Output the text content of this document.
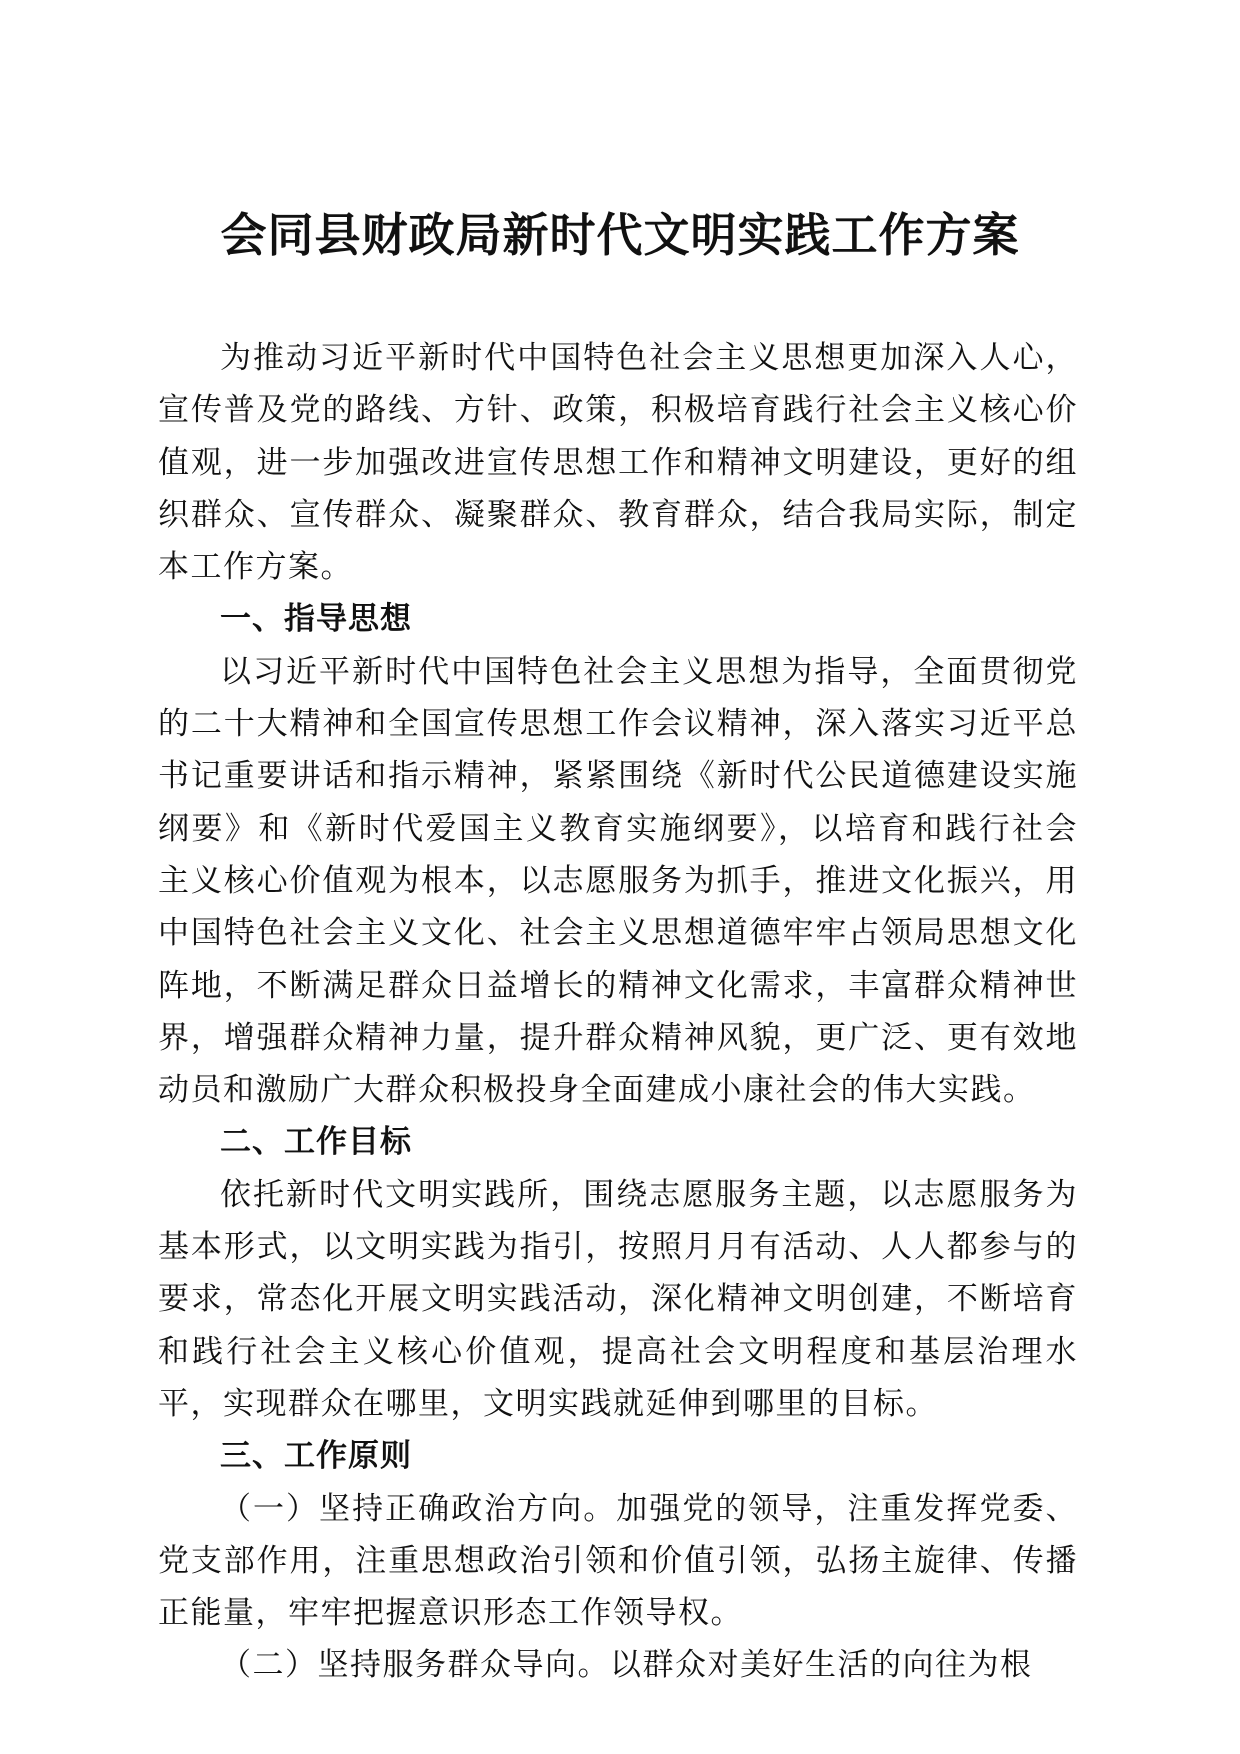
会同县财政局新时代文明实践工作方案

为推动习近平新时代中国特色社会主义思想更加深入人心，宣传普及党的路线、方针、政策，积极培育践行社会主义核心价值观，进一步加强改进宣传思想工作和精神文明建设，更好的组织群众、宣传群众、凝聚群众、教育群众，结合我局实际，制定本工作方案。

一、指导思想

以习近平新时代中国特色社会主义思想为指导，全面贯彻党的二十大精神和全国宣传思想工作会议精神，深入落实习近平总书记重要讲话和指示精神，紧紧围绕《新时代公民道德建设实施纲要》和《新时代爱国主义教育实施纲要》，以培育和践行社会主义核心价值观为根本，以志愿服务为抓手，推进文化振兴，用中国特色社会主义文化、社会主义思想道德牢牢占领局思想文化阵地，不断满足群众日益增长的精神文化需求，丰富群众精神世界，增强群众精神力量，提升群众精神风貌，更广泛、更有效地动员和激励广大群众积极投身全面建成小康社会的伟大实践。

二、工作目标

依托新时代文明实践所，围绕志愿服务主题，以志愿服务为基本形式，以文明实践为指引，按照月月有活动、人人都参与的要求，常态化开展文明实践活动，深化精神文明创建，不断培育和践行社会主义核心价值观，提高社会文明程度和基层治理水平，实现群众在哪里，文明实践就延伸到哪里的目标。

三、工作原则

（一）坚持正确政治方向。加强党的领导，注重发挥党委、党支部作用，注重思想政治引领和价值引领，弘扬主旋律、传播正能量，牢牢把握意识形态工作领导权。

（二）坚持服务群众导向。以群众对美好生活的向往为根
